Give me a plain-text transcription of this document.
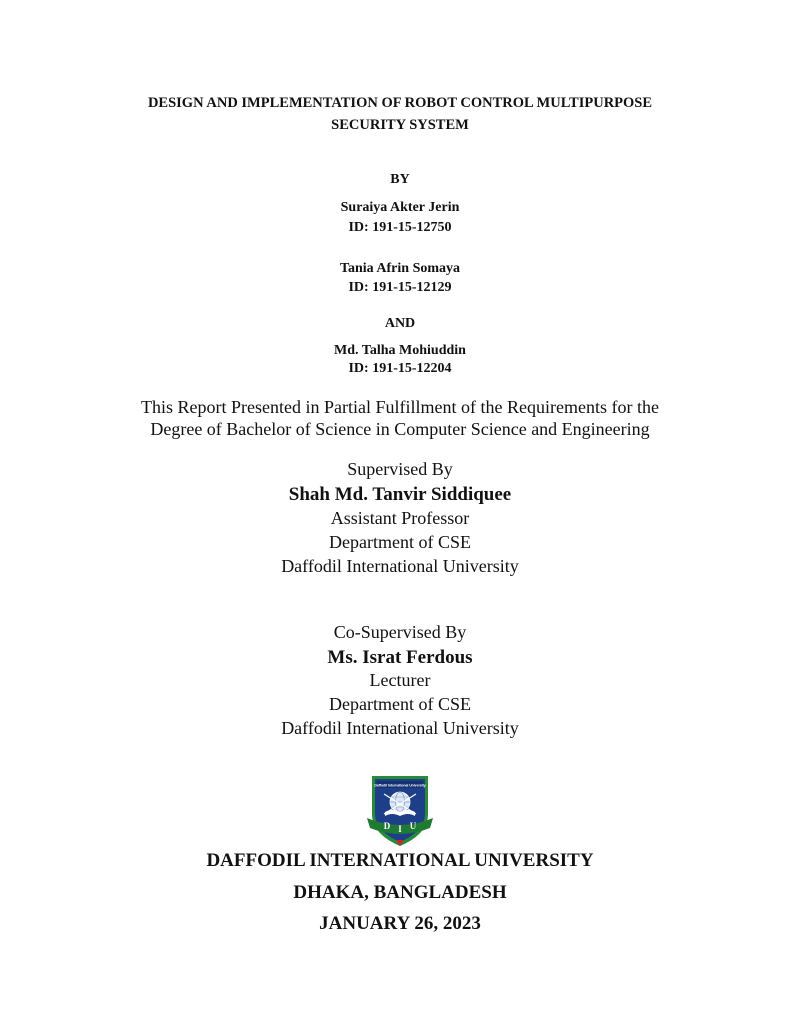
DESIGN AND IMPLEMENTATION OF ROBOT CONTROL MULTIPURPOSE
SECURITY SYSTEM
BY
Suraiya Akter Jerin
ID: 191-15-12750
Tania Afrin Somaya
ID: 191-15-12129
AND
Md. Talha Mohiuddin
ID: 191-15-12204
This Report Presented in Partial Fulfillment of the Requirements for the
Degree of Bachelor of Science in Computer Science and Engineering
Supervised By
Shah Md. Tanvir Siddiquee
Assistant Professor
Department of CSE
Daffodil International University
Co-Supervised By
Ms. Israt Ferdous
Lecturer
Department of CSE
Daffodil International University
Daffodil International University
D I U
DAFFODIL INTERNATIONAL UNIVERSITY
DHAKA, BANGLADESH
JANUARY 26, 2023
